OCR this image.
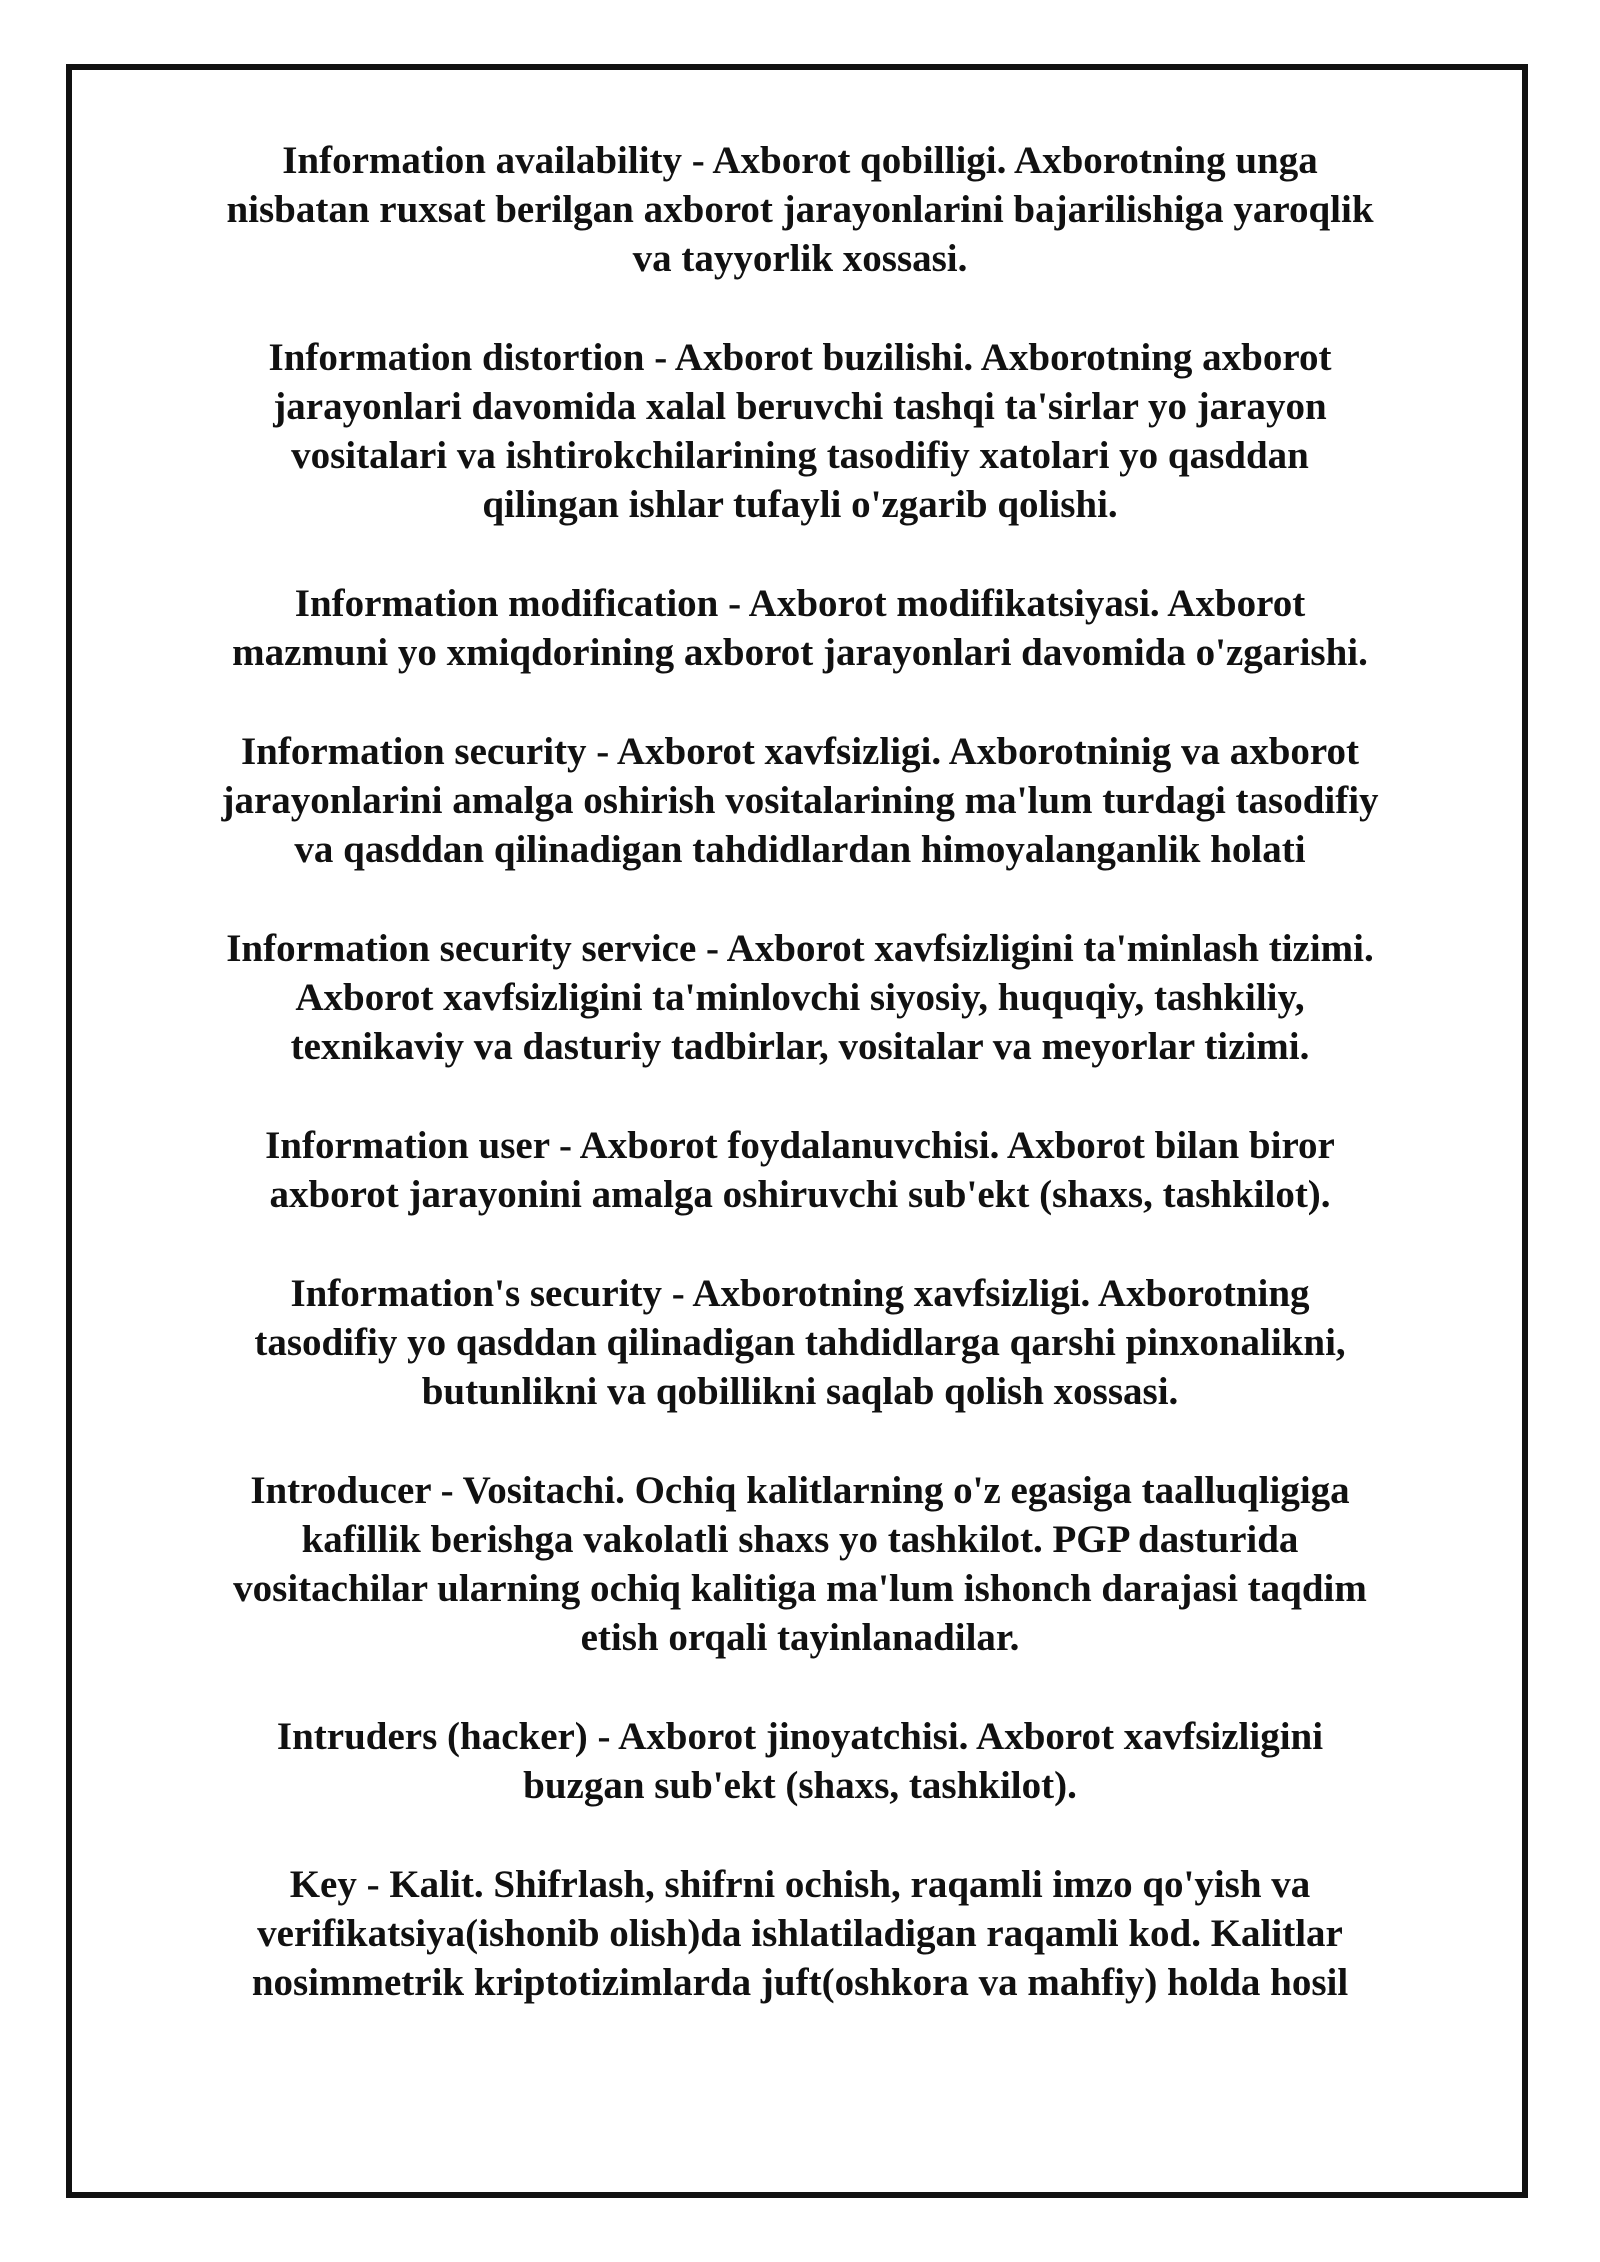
Information availability - Axborot qobilligi. Axborotning unga
nisbatan ruxsat berilgan axborot jarayonlarini bajarilishiga yaroqlik
va tayyorlik xossasi.
Information distortion - Axborot buzilishi. Axborotning axborot
jarayonlari davomida xalal beruvchi tashqi ta'sirlar yo jarayon
vositalari va ishtirokchilarining tasodifiy xatolari yo qasddan
qilingan ishlar tufayli o'zgarib qolishi.
Information modification - Axborot modifikatsiyasi. Axborot
mazmuni yo xmiqdorining axborot jarayonlari davomida o'zgarishi.
Information security - Axborot xavfsizligi. Axborotninig va axborot
jarayonlarini amalga oshirish vositalarining ma'lum turdagi tasodifiy
va qasddan qilinadigan tahdidlardan himoyalanganlik holati
Information security service - Axborot xavfsizligini ta'minlash tizimi.
Axborot xavfsizligini ta'minlovchi siyosiy, huquqiy, tashkiliy,
texnikaviy va dasturiy tadbirlar, vositalar va meyorlar tizimi.
Information user - Axborot foydalanuvchisi. Axborot bilan biror
axborot jarayonini amalga oshiruvchi sub'ekt (shaxs, tashkilot).
Information's security - Axborotning xavfsizligi. Axborotning
tasodifiy yo qasddan qilinadigan tahdidlarga qarshi pinxonalikni,
butunlikni va qobillikni saqlab qolish xossasi.
Introducer - Vositachi. Ochiq kalitlarning o'z egasiga taalluqligiga
kafillik berishga vakolatli shaxs yo tashkilot. PGP dasturida
vositachilar ularning ochiq kalitiga ma'lum ishonch darajasi taqdim
etish orqali tayinlanadilar.
Intruders (hacker) - Axborot jinoyatchisi. Axborot xavfsizligini
buzgan sub'ekt (shaxs, tashkilot).
Key - Kalit. Shifrlash, shifrni ochish, raqamli imzo qo'yish va
verifikatsiya(ishonib olish)da ishlatiladigan raqamli kod. Kalitlar
nosimmetrik kriptotizimlarda juft(oshkora va mahfiy) holda hosil
